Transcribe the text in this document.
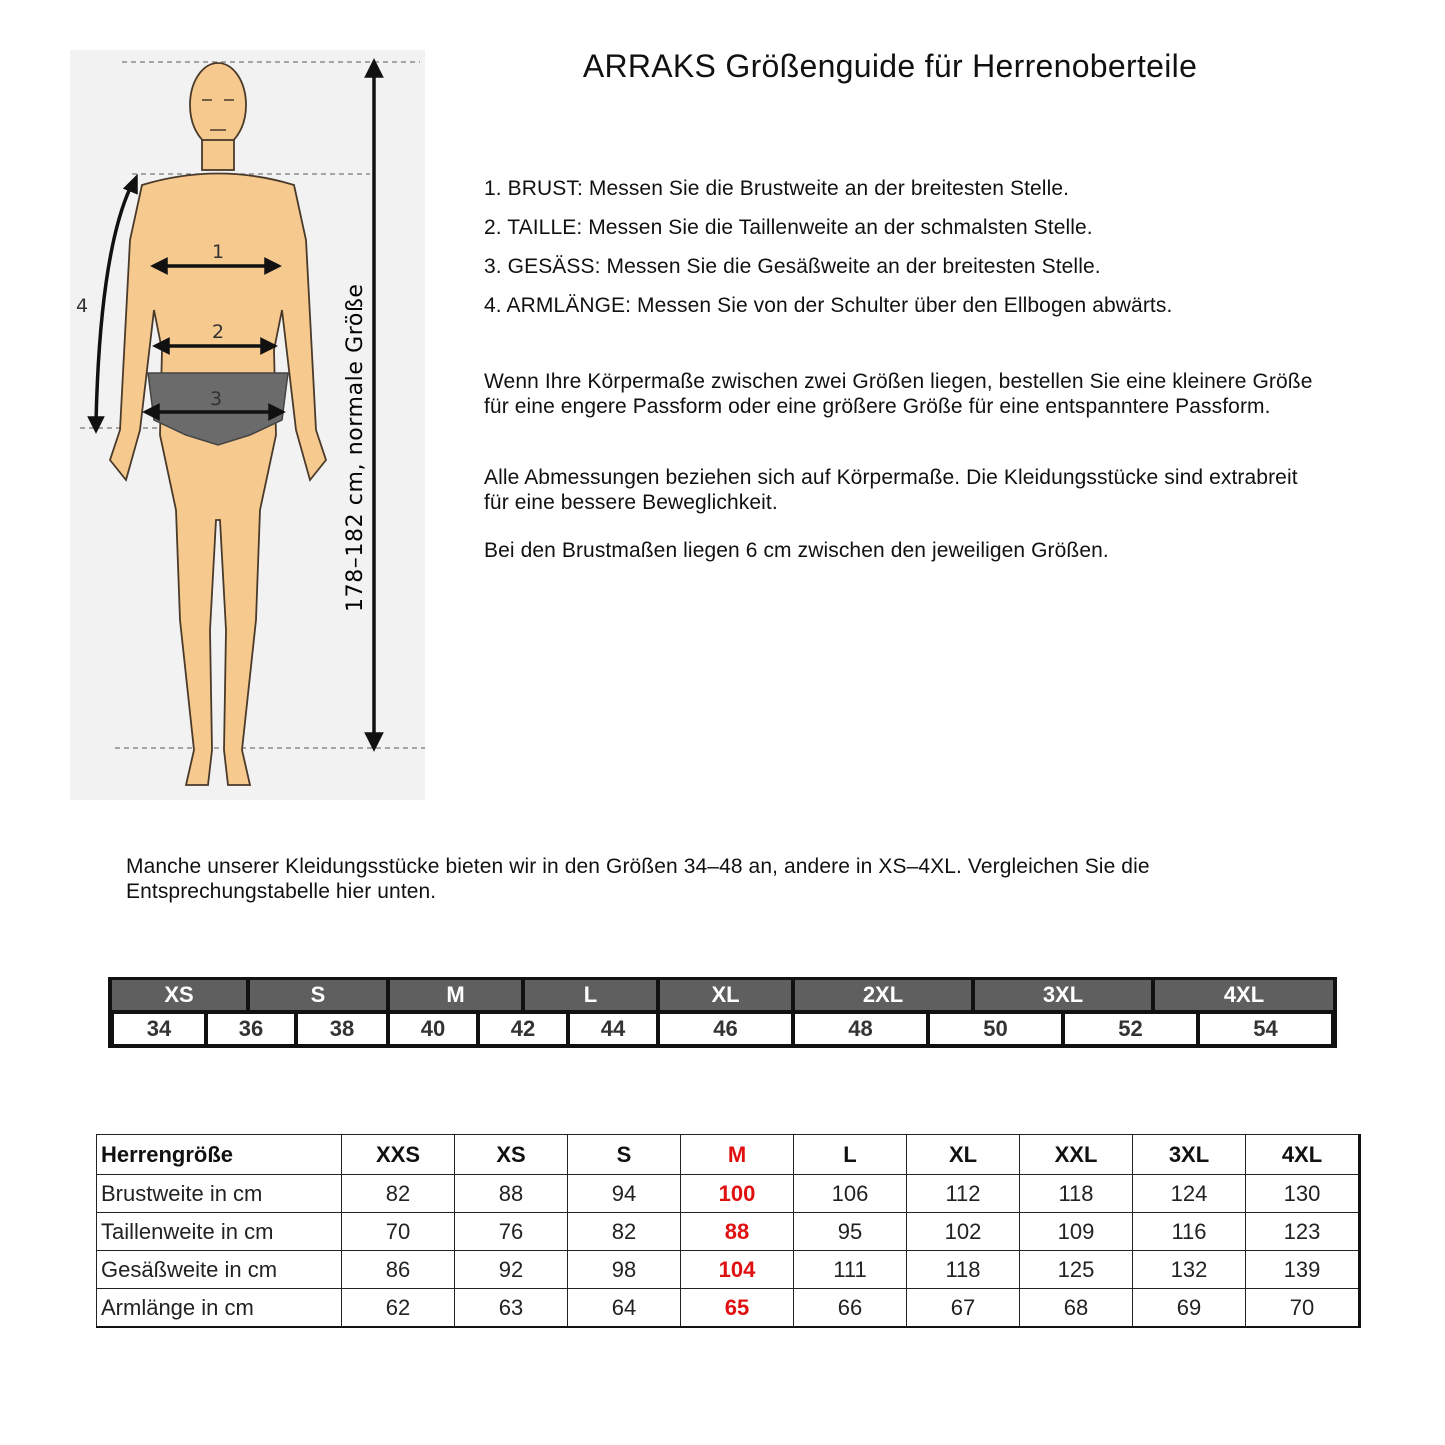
1
2
3
4	178–182 cm, normale Größe
ARRAKS Größenguide für Herrenoberteile
1. BRUST: Messen Sie die Brustweite an der breitesten Stelle.
2. TAILLE: Messen Sie die Taillenweite an der schmalsten Stelle.
3. GESÄSS: Messen Sie die Gesäßweite an der breitesten Stelle.
4. ARMLÄNGE: Messen Sie von der Schulter über den Ellbogen abwärts.

Wenn Ihre Körpermaße zwischen zwei Größen liegen, bestellen Sie eine kleinere Größe für eine engere Passform oder eine größere Größe für eine entspanntere Passform.

Alle Abmessungen beziehen sich auf Körpermaße. Die Kleidungsstücke sind extrabreit für eine bessere Beweglichkeit.

Bei den Brustmaßen liegen 6 cm zwischen den jeweiligen Größen.

Manche unserer Kleidungsstücke bieten wir in den Größen 34–48 an, andere in XS–4XL. Vergleichen Sie die Entsprechungstabelle hier unten.

XS	S	M	L	XL	2XL	3XL	4XL
34	36	38	40	42	44	46	48	50	52	54
Herrengröße	XXS	XS	S	M	L	XL	XXL	3XL	4XL
Brustweite in cm	82	88	94	100	106	112	118	124	130
Taillenweite in cm	70	76	82	88	95	102	109	116	123
Gesäßweite in cm	86	92	98	104	111	118	125	132	139
Armlänge in cm	62	63	64	65	66	67	68	69	70
